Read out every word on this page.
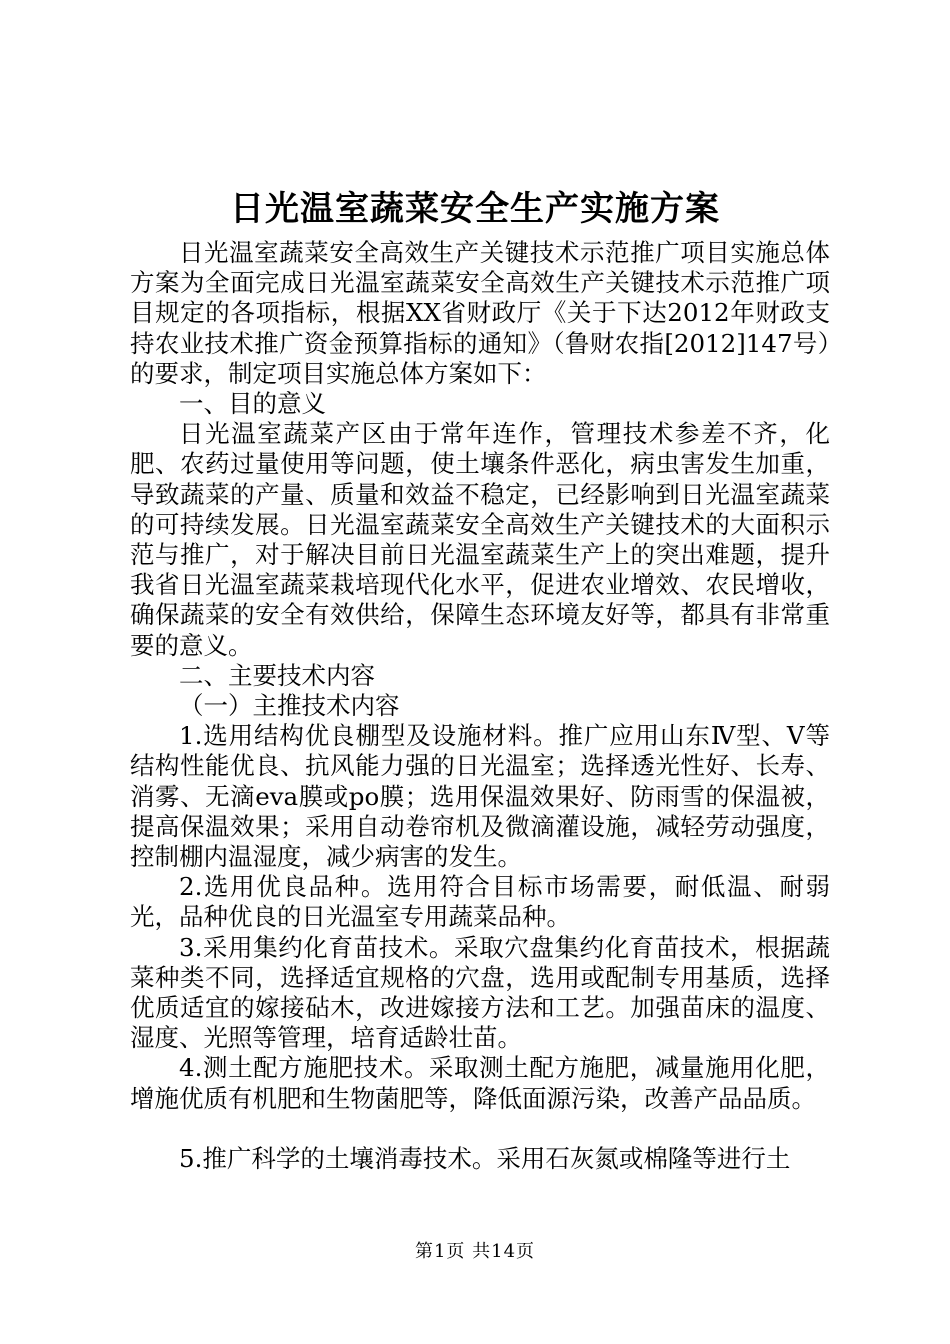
日光温室蔬菜安全生产实施方案

日光温室蔬菜安全高效生产关键技术示范推广项目实施总体方案为全面完成日光温室蔬菜安全高效生产关键技术示范推广项目规定的各项指标，根据XX省财政厅《关于下达2012年财政支持农业技术推广资金预算指标的通知》（鲁财农指[2012]147号）的要求，制定项目实施总体方案如下：

一、目的意义

日光温室蔬菜产区由于常年连作，管理技术参差不齐，化肥、农药过量使用等问题，使土壤条件恶化，病虫害发生加重，导致蔬菜的产量、质量和效益不稳定，已经影响到日光温室蔬菜的可持续发展。日光温室蔬菜安全高效生产关键技术的大面积示范与推广，对于解决目前日光温室蔬菜生产上的突出难题，提升我省日光温室蔬菜栽培现代化水平，促进农业增效、农民增收，确保蔬菜的安全有效供给，保障生态环境友好等，都具有非常重要的意义。

二、主要技术内容

（一）主推技术内容

1.选用结构优良棚型及设施材料。推广应用山东Ⅳ型、Ⅴ等结构性能优良、抗风能力强的日光温室；选择透光性好、长寿、消雾、无滴eva膜或po膜；选用保温效果好、防雨雪的保温被，提高保温效果；采用自动卷帘机及微滴灌设施，减轻劳动强度，控制棚内温湿度，减少病害的发生。

2.选用优良品种。选用符合目标市场需要，耐低温、耐弱光，品种优良的日光温室专用蔬菜品种。

3.采用集约化育苗技术。采取穴盘集约化育苗技术，根据蔬菜种类不同，选择适宜规格的穴盘，选用或配制专用基质，选择优质适宜的嫁接砧木，改进嫁接方法和工艺。加强苗床的温度、湿度、光照等管理，培育适龄壮苗。

4.测土配方施肥技术。采取测土配方施肥，减量施用化肥，增施优质有机肥和生物菌肥等，降低面源污染，改善产品品质。

5.推广科学的土壤消毒技术。采用石灰氮或棉隆等进行土

第1页 共14页
